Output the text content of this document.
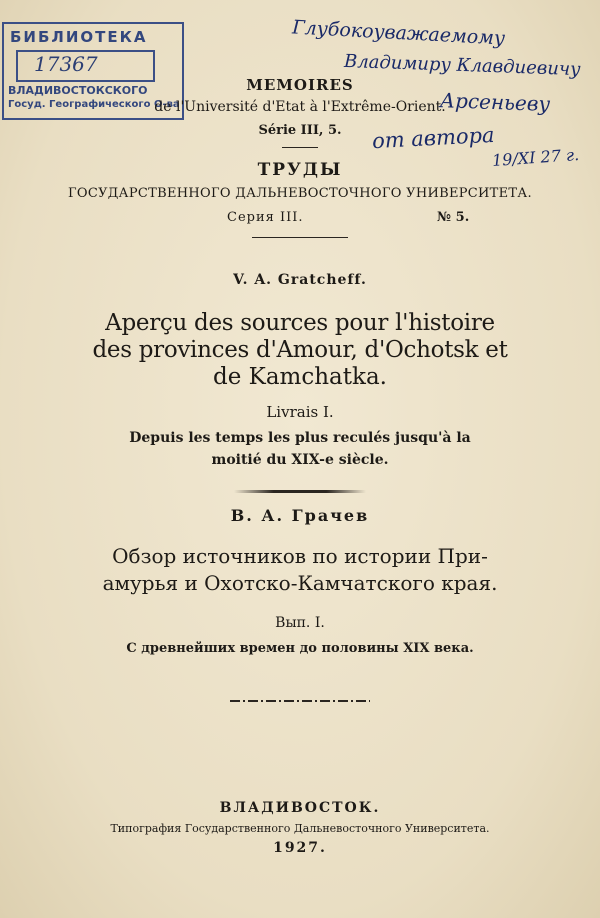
БИБЛИОТЕКА
17367
ВЛАДИВОСТОКСКОГО
Госуд. Географического О-ва
Глубокоуважаемому
Владимиру Клавдиевичу
Арсеньеву
от автора
19/XI 27 г.
MEMOIRES
de l'Université d'Etat à l'Extrême-Orient.
Série III, 5.
ТРУДЫ
ГОСУДАРСТВЕННОГО ДАЛЬНЕВОСТОЧНОГО УНИВЕРСИТЕТА.
Серия III.	№ 5.
V. A. Gratcheff.
Aperçu des sources pour l'histoire
des provinces d'Amour, d'Ochotsk et
de Kamchatka.
Livrais I.
Depuis les temps les plus reculés jusqu'à la
moitié du XIX-e siècle.
В. А. Грачев
Обзор источников по истории При-
амурья и Охотско-Камчатского края.
Вып. I.
С древнейших времен до половины XIX века.
ВЛАДИВОСТОК.
Типография Государственного Дальневосточного Университета.
1927.
